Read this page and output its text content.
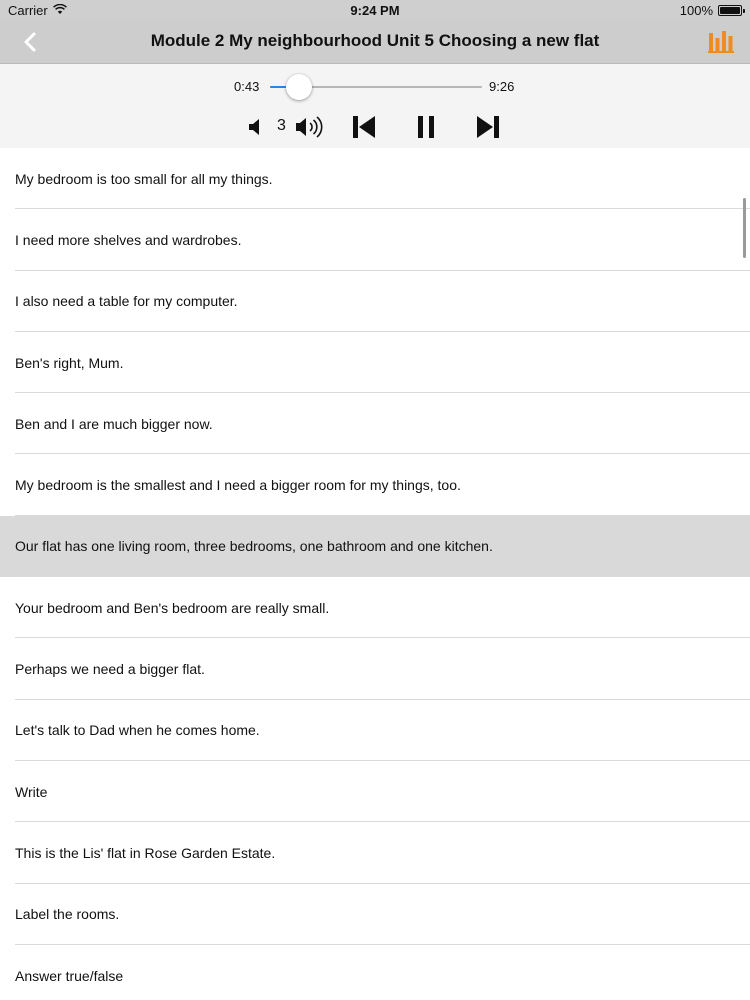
Carrier	9:24 PM	100%
Module 2 My neighbourhood Unit 5 Choosing a new flat
0:43	9:26
3
My bedroom is too small for all my things.
I need more shelves and wardrobes.
I also need a table for my computer.
Ben's right, Mum.
Ben and I are much bigger now.
My bedroom is the smallest and I need a bigger room for my things, too.
Our flat has one living room, three bedrooms, one bathroom and one kitchen.
Your bedroom and Ben's bedroom are really small.
Perhaps we need a bigger flat.
Let's talk to Dad when he comes home.
Write
This is the Lis' flat in Rose Garden Estate.
Label the rooms.
Answer true/false
